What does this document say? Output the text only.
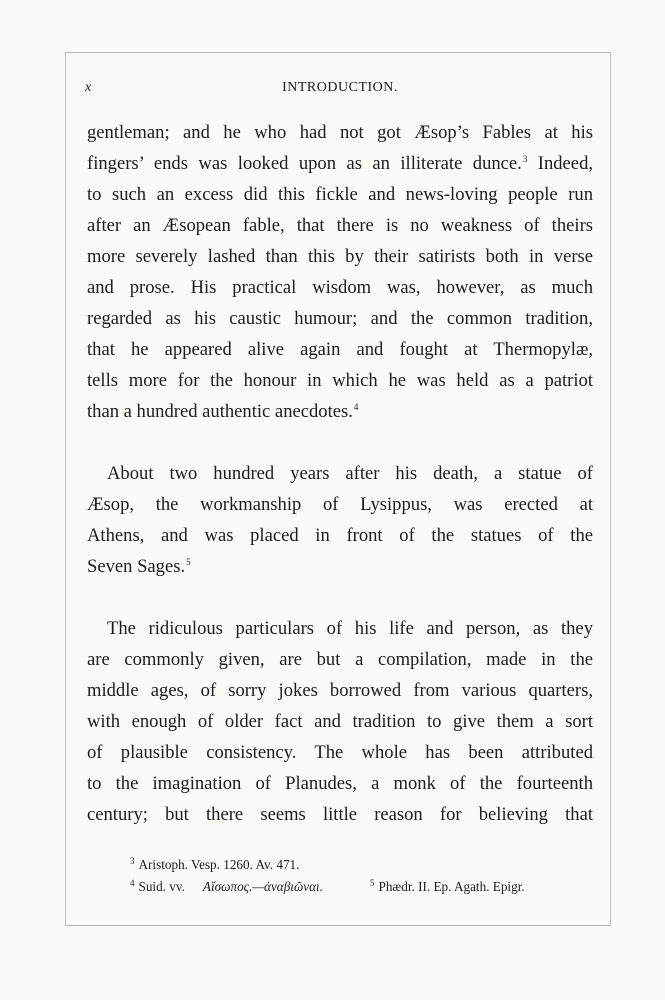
x	INTRODUCTION.

gentleman; and he who had not got Æsop’s Fables at his

fingers’ ends was looked upon as an illiterate dunce.$^3$ Indeed,

to such an excess did this fickle and news-loving people run

after an Æsopean fable, that there is no weakness of theirs

more severely lashed than this by their satirists both in verse

and prose. His practical wisdom was, however, as much

regarded as his caustic humour; and the common tradition,

that he appeared alive again and fought at Thermopylæ,

tells more for the honour in which he was held as a patriot

than a hundred authentic anecdotes.$^4$

About two hundred years after his death, a statue of

Æsop, the workmanship of Lysippus, was erected at

Athens, and was placed in front of the statues of the

Seven Sages.$^5$

The ridiculous particulars of his life and person, as they

are commonly given, are but a compilation, made in the

middle ages, of sorry jokes borrowed from various quarters,

with enough of older fact and tradition to give them a sort

of plausible consistency. The whole has been attributed

to the imagination of Planudes, a monk of the fourteenth

century; but there seems little reason for believing that

3 Aristoph. Vesp. 1260. Av. 471.
4 Suid. vv. Αἴσωπος.—ἀναβιῶναι.	5 Phædr. II. Ep. Agath. Epigr.
